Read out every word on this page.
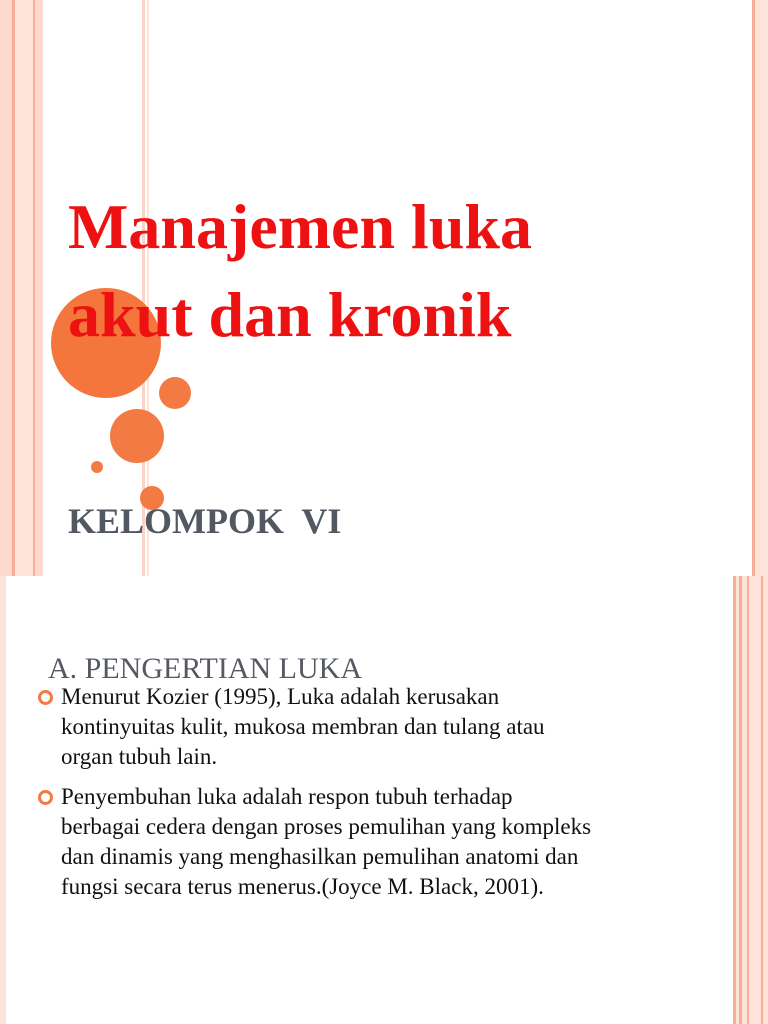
Manajemen luka
akut dan kronik

KELOMPOK  VI

A. PENGERTIAN LUKA
Menurut Kozier (1995), Luka adalah kerusakan
kontinyuitas kulit, mukosa membran dan tulang atau
organ tubuh lain.
Penyembuhan luka adalah respon tubuh terhadap
berbagai cedera dengan proses pemulihan yang kompleks
dan dinamis yang menghasilkan pemulihan anatomi dan
fungsi secara terus menerus.(Joyce M. Black, 2001).
